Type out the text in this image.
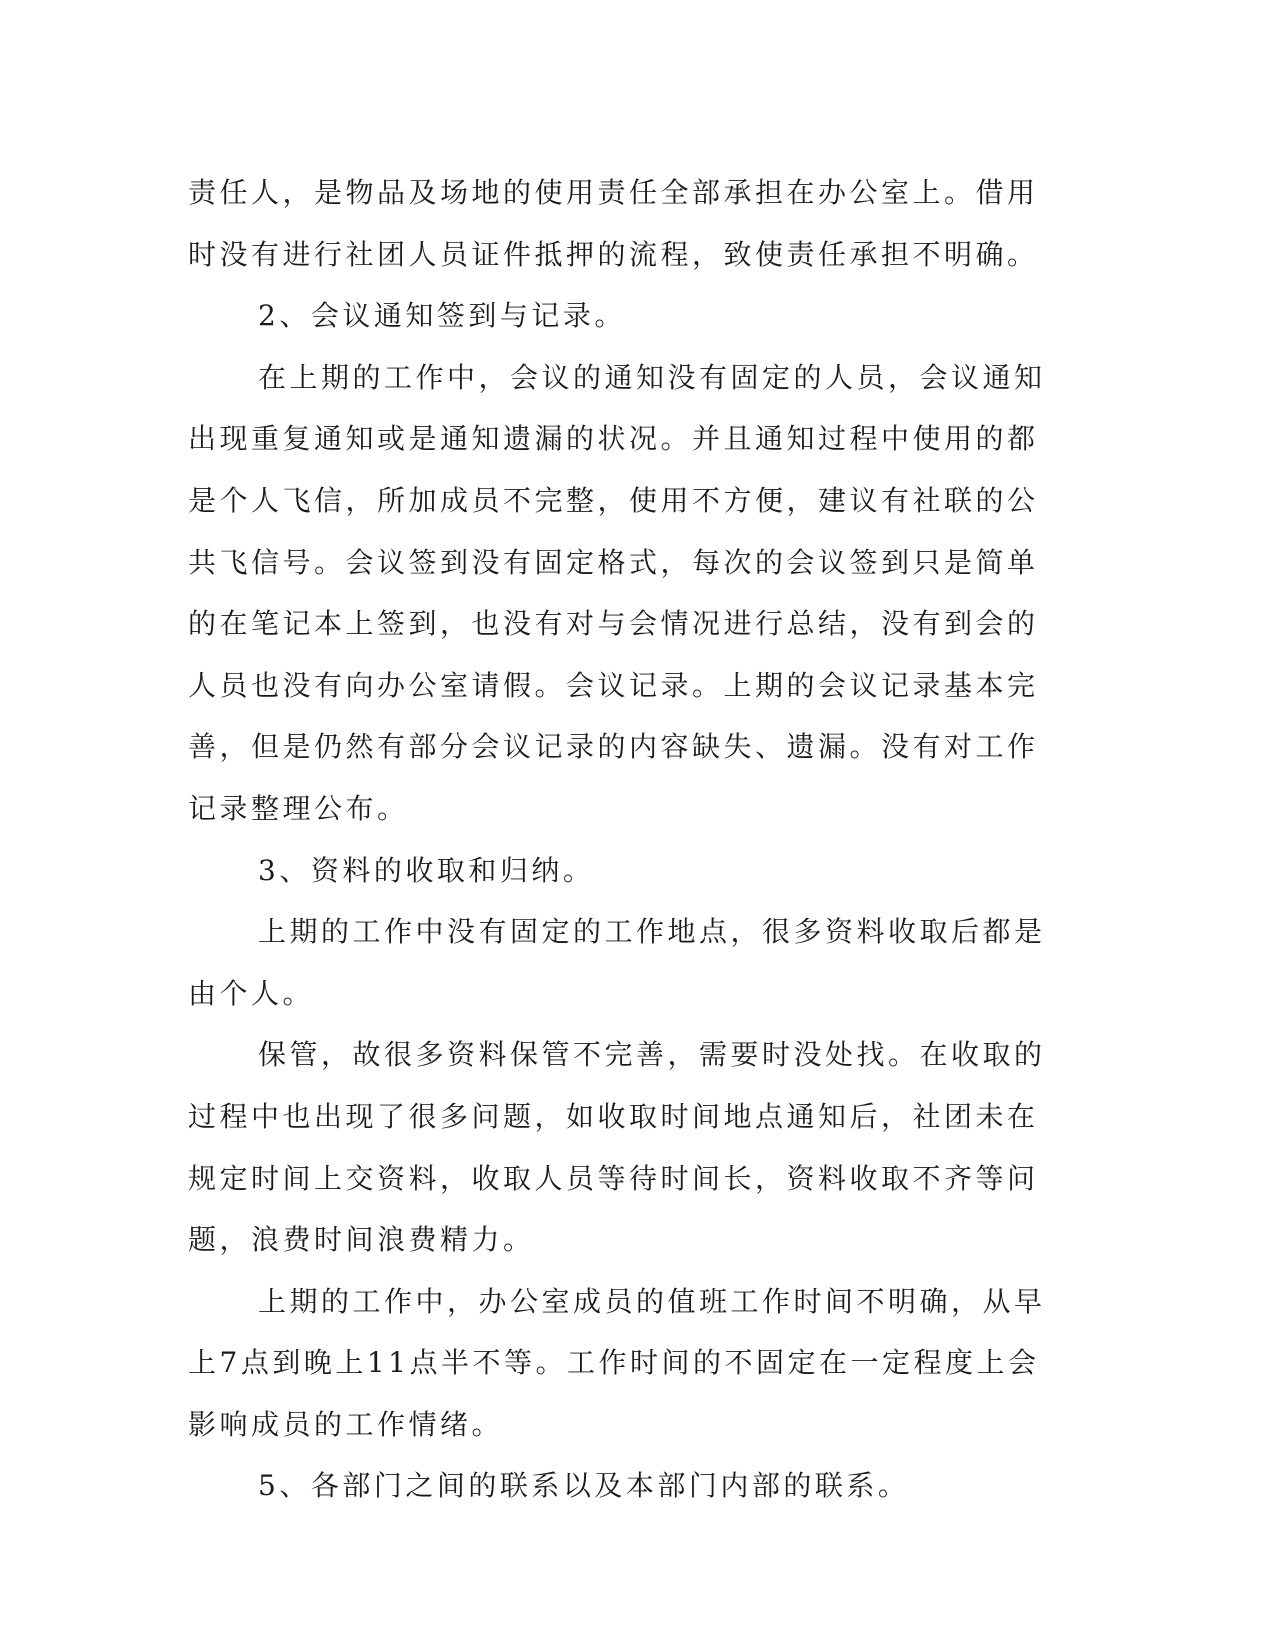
责任人，是物品及场地的使用责任全部承担在办公室上。借用时没有进行社团人员证件抵押的流程，致使责任承担不明确。

2、会议通知签到与记录。

在上期的工作中，会议的通知没有固定的人员，会议通知出现重复通知或是通知遗漏的状况。并且通知过程中使用的都是个人飞信，所加成员不完整，使用不方便，建议有社联的公共飞信号。会议签到没有固定格式，每次的会议签到只是简单的在笔记本上签到，也没有对与会情况进行总结，没有到会的人员也没有向办公室请假。会议记录。上期的会议记录基本完善，但是仍然有部分会议记录的内容缺失、遗漏。没有对工作记录整理公布。

3、资料的收取和归纳。

上期的工作中没有固定的工作地点，很多资料收取后都是由个人。

保管，故很多资料保管不完善，需要时没处找。在收取的过程中也出现了很多问题，如收取时间地点通知后，社团未在规定时间上交资料，收取人员等待时间长，资料收取不齐等问题，浪费时间浪费精力。

上期的工作中，办公室成员的值班工作时间不明确，从早上7点到晚上11点半不等。工作时间的不固定在一定程度上会影响成员的工作情绪。

5、各部门之间的联系以及本部门内部的联系。
